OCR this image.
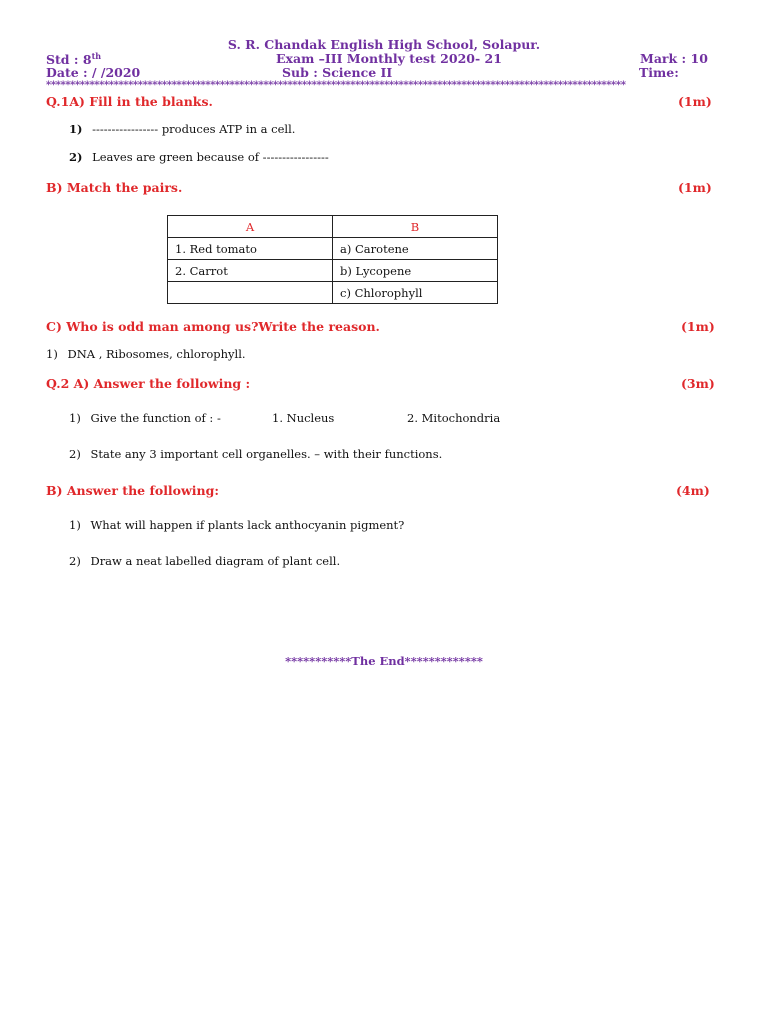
S. R. Chandak English High School, Solapur.
Std : 8th	Exam –III Monthly test 2020- 21	Mark : 10
Date : / /2020	Sub : Science II	Time:
************************************************************************************************************************
Q.1A) Fill in the blanks.	(1m)
1) ----------------- produces ATP in a cell.
2) Leaves are green because of -----------------
B) Match the pairs.	(1m)
A	B
1. Red tomato	a) Carotene
2. Carrot	b) Lycopene
	c) Chlorophyll
C) Who is odd man among us?Write the reason.	(1m)
1) DNA , Ribosomes, chlorophyll.
Q.2 A) Answer the following :	(3m)
1) Give the function of : -	1. Nucleus	2. Mitochondria
2) State any 3 important cell organelles. – with their functions.
B) Answer the following:	(4m)
1) What will happen if plants lack anthocyanin pigment?
2) Draw a neat labelled diagram of plant cell.
***********The End*************
